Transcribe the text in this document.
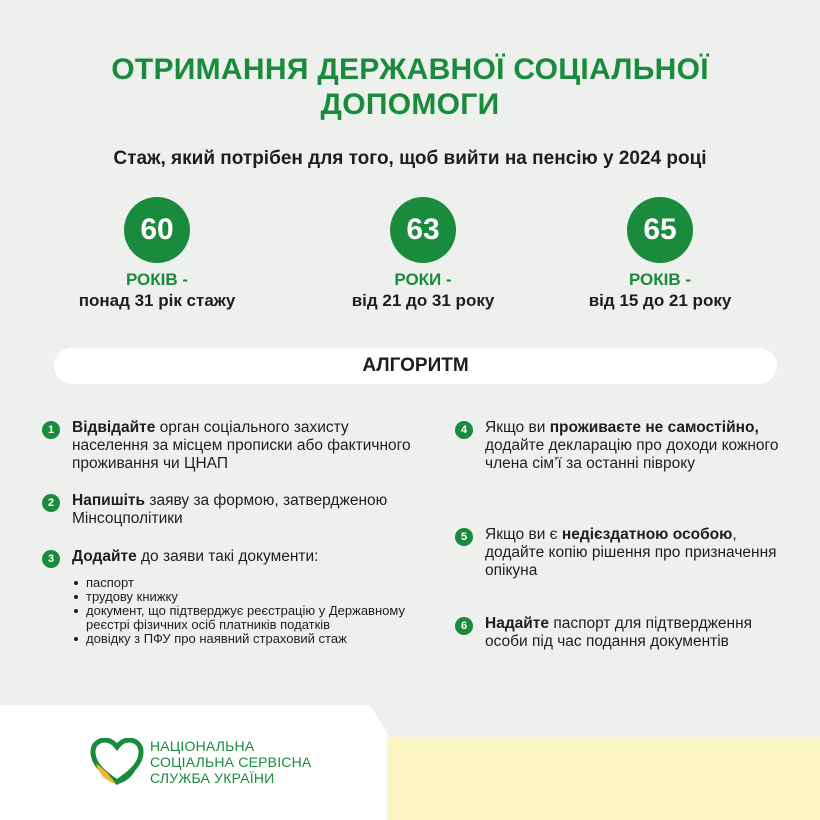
ОТРИМАННЯ ДЕРЖАВНОЇ СОЦІАЛЬНОЇ
ДОПОМОГИ
Стаж, який потрібен для того, щоб вийти на пенсію у 2024 році
60
РОКІВ -
понад 31 рік стажу
63
РОКИ -
від 21 до 31 року
65
РОКІВ -
від 15 до 21 року
АЛГОРИТМ
1	Відвідайте орган соціального захисту населення за місцем прописки або фактичного проживання чи ЦНАП
2	Напишіть заяву за формою, затвердженою Мінсоцполітики
3	Додайте до заяви такі документи:
паспорт
трудову книжку
документ, що підтверджує реєстрацію у Державному реєстрі фізичних осіб платників податків
довідку з ПФУ про наявний страховий стаж
4	Якщо ви проживаєте не самостійно, додайте декларацію про доходи кожного члена сім’ї за останні півроку
5	Якщо ви є недієздатною особою, додайте копію рішення про призначення опікуна
6	Надайте паспорт для підтвердження особи під час подання документів
НАЦІОНАЛЬНА
СОЦІАЛЬНА СЕРВІСНА
СЛУЖБА УКРАЇНИ
